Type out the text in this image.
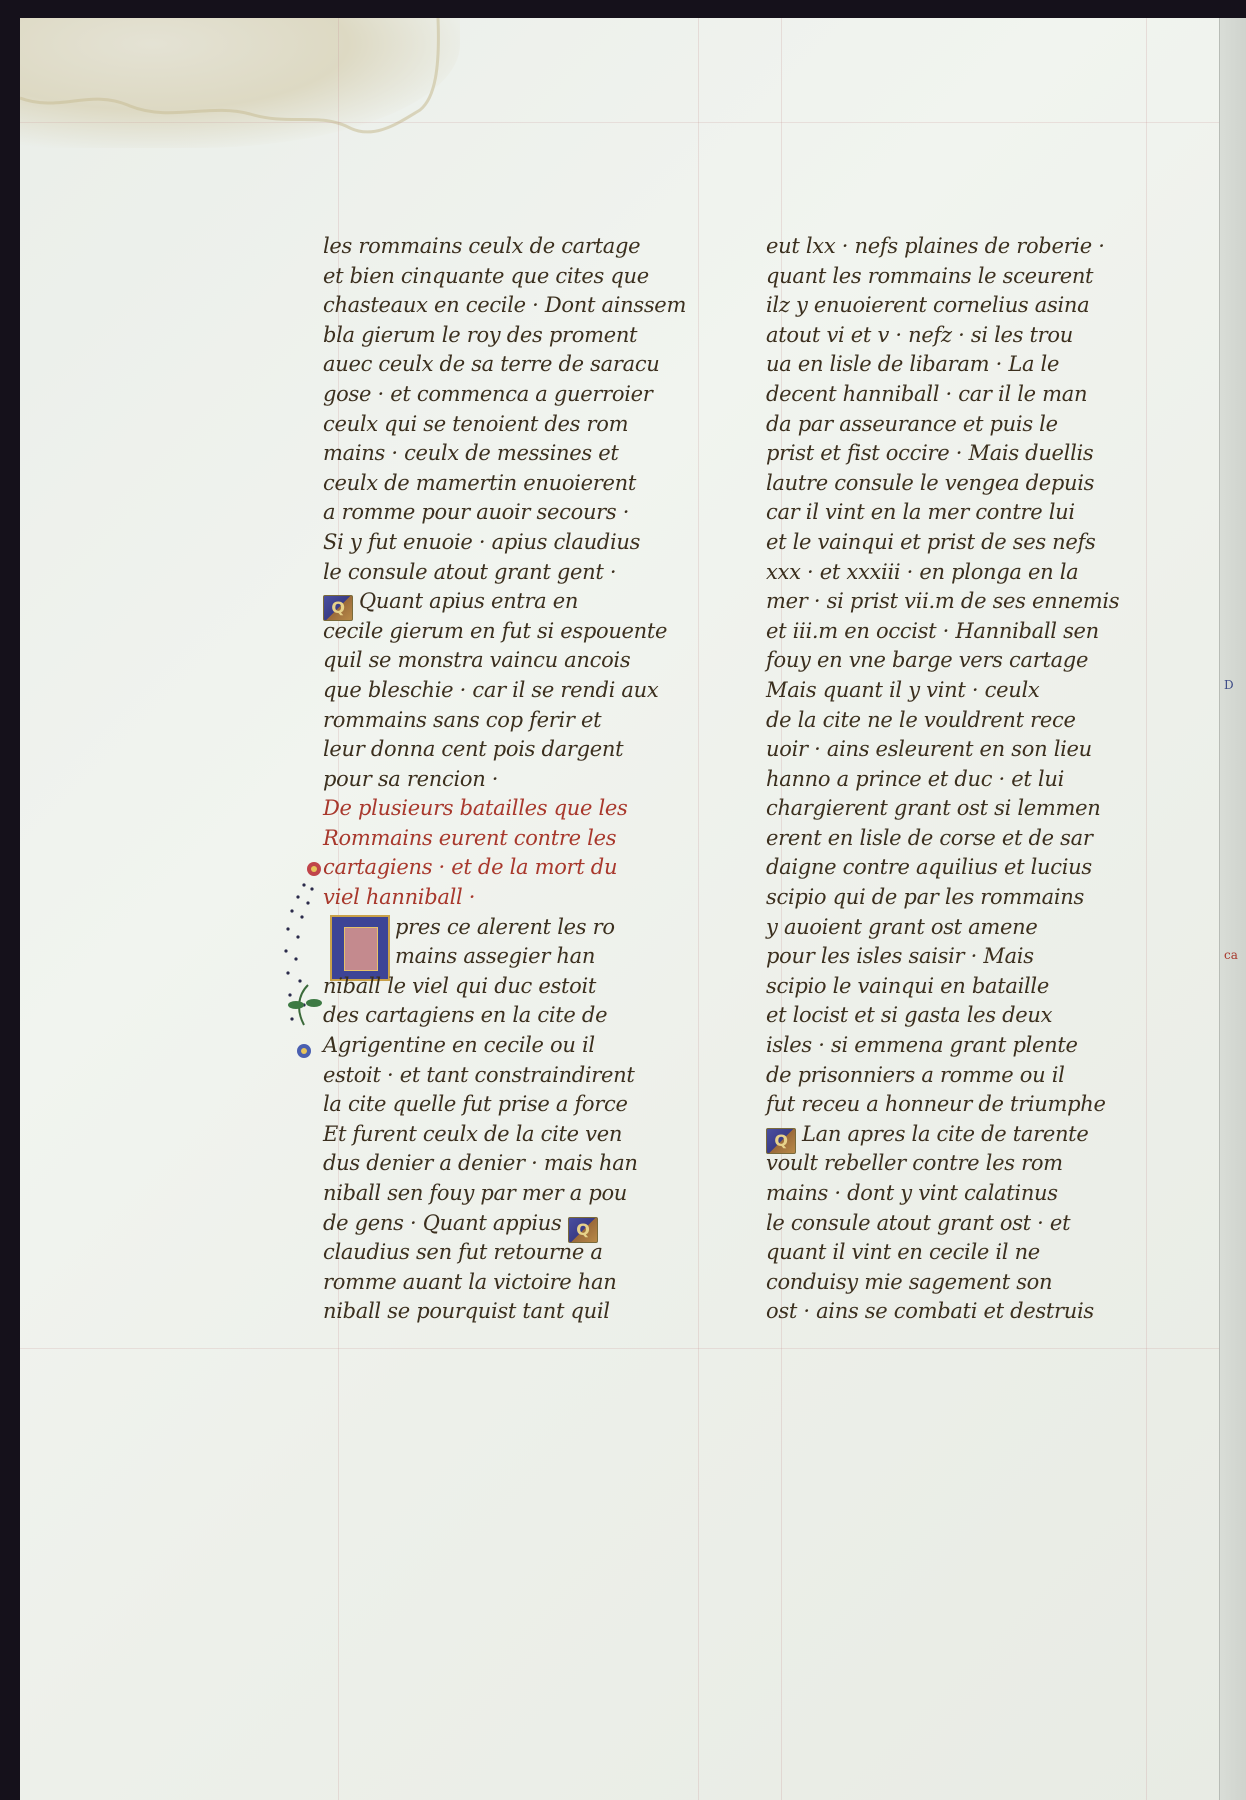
D
ca
les rommains ceulx de cartage
et bien cinquante que cites que
chasteaux en cecile · Dont ainssem
bla gierum le roy des proment
auec ceulx de sa terre de saracu
gose · et commenca a guerroier
ceulx qui se tenoient des rom
mains · ceulx de messines et
ceulx de mamertin enuoierent
a romme pour auoir secours ·
Si y fut enuoie · apius claudius
le consule atout grant gent ·
Q Quant apius entra en
cecile gierum en fut si espouente
quil se monstra vaincu ancois
que bleschie · car il se rendi aux
rommains sans cop ferir et
leur donna cent pois dargent
pour sa rencion ·
De plusieurs batailles que les
Rommains eurent contre les
cartagiens · et de la mort du
viel hanniball ·
pres ce alerent les ro
mains assegier han
niball le viel qui duc estoit
des cartagiens en la cite de
Agrigentine en cecile ou il
estoit · et tant constraindirent
la cite quelle fut prise a force
Et furent ceulx de la cite ven
dus denier a denier · mais han
niball sen fouy par mer a pou
de gens · Quant appius Q
claudius sen fut retourne a
romme auant la victoire han
niball se pourquist tant quil
eut lxx · nefs plaines de roberie ·
quant les rommains le sceurent
ilz y enuoierent cornelius asina
atout vi et v · nefz · si les trou
ua en lisle de libaram · La le
decent hanniball · car il le man
da par asseurance et puis le
prist et fist occire · Mais duellis
lautre consule le vengea depuis
car il vint en la mer contre lui
et le vainqui et prist de ses nefs
xxx · et xxxiii · en plonga en la
mer · si prist vii.m de ses ennemis
et iii.m en occist · Hanniball sen
fouy en vne barge vers cartage
Mais quant il y vint · ceulx
de la cite ne le vouldrent rece
uoir · ains esleurent en son lieu
hanno a prince et duc · et lui
chargierent grant ost si lemmen
erent en lisle de corse et de sar
daigne contre aquilius et lucius
scipio qui de par les rommains
y auoient grant ost amene
pour les isles saisir · Mais
scipio le vainqui en bataille
et locist et si gasta les deux
isles · si emmena grant plente
de prisonniers a romme ou il
fut receu a honneur de triumphe
Q Lan apres la cite de tarente
voult rebeller contre les rom
mains · dont y vint calatinus
le consule atout grant ost · et
quant il vint en cecile il ne
conduisy mie sagement son
ost · ains se combati et destruis
